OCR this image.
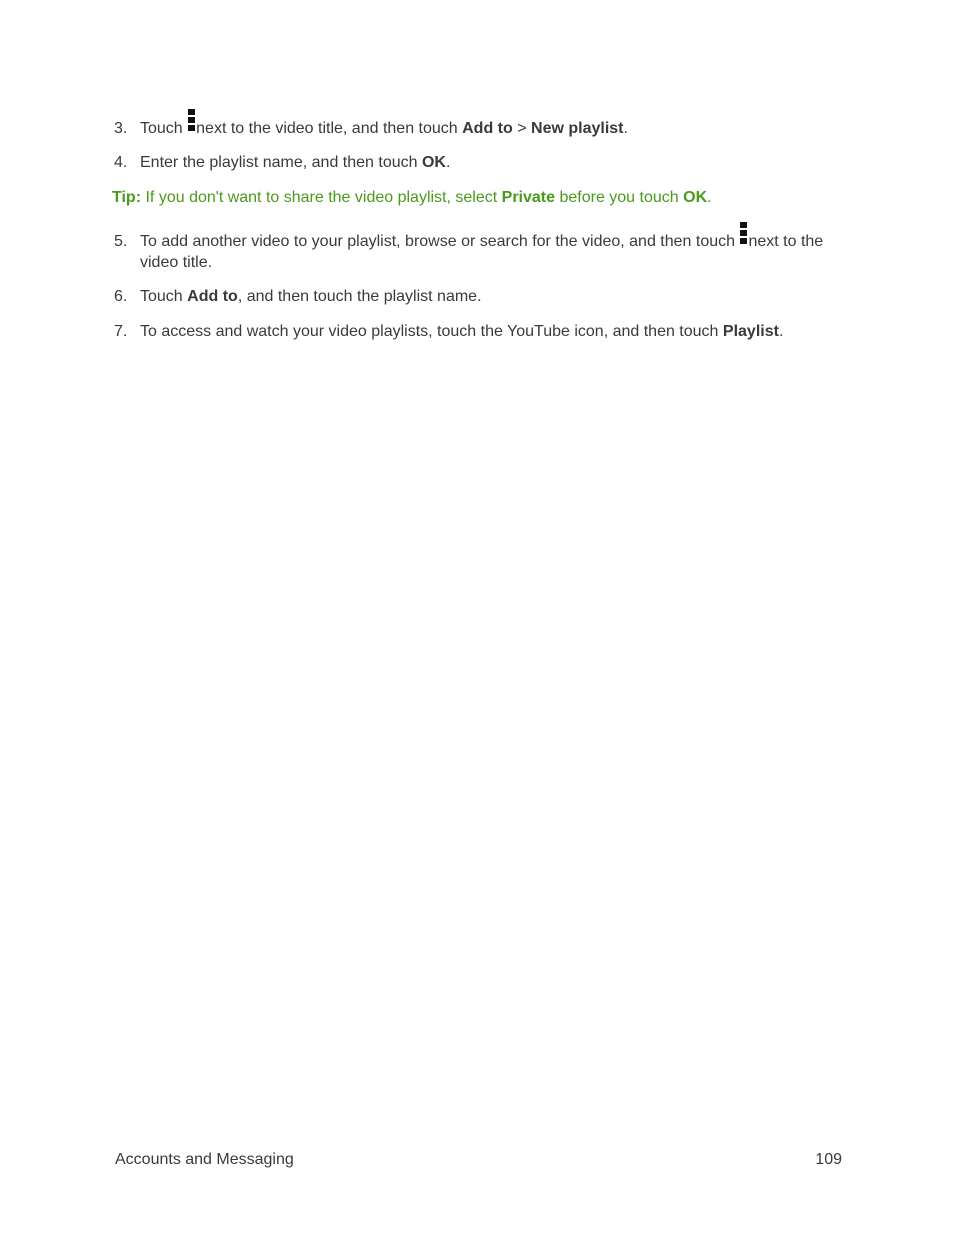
3. Touch next to the video title, and then touch Add to > New playlist.
4. Enter the playlist name, and then touch OK.
Tip: If you don't want to share the video playlist, select Private before you touch OK.
5. To add another video to your playlist, browse or search for the video, and then touch next to the video title.
6. Touch Add to, and then touch the playlist name.
7. To access and watch your video playlists, touch the YouTube icon, and then touch Playlist.
Accounts and Messaging	109
